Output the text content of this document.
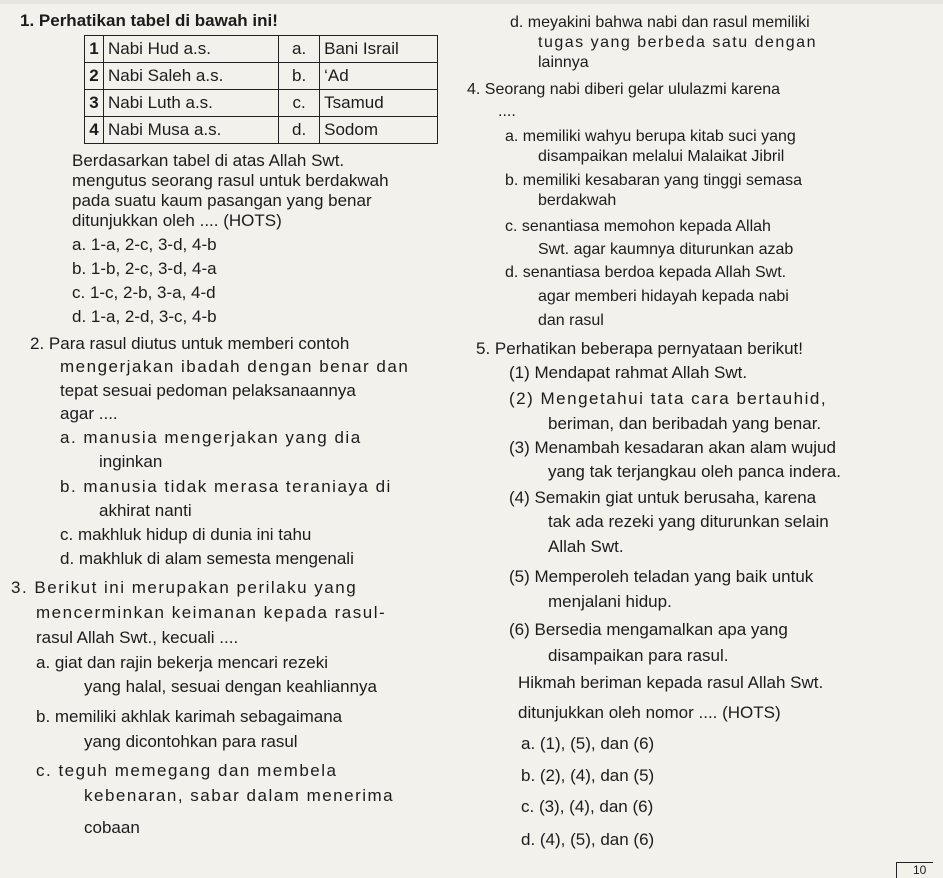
1. Perhatikan tabel di bawah ini!
1	Nabi Hud a.s.	a.	Bani Israil
2	Nabi Saleh a.s.	b.	‘Ad
3	Nabi Luth a.s.	c.	Tsamud
4	Nabi Musa a.s.	d.	Sodom
Berdasarkan tabel di atas Allah Swt.
mengutus seorang rasul untuk berdakwah
pada suatu kaum pasangan yang benar
ditunjukkan oleh .... (HOTS)
a. 1-a, 2-c, 3-d, 4-b
b. 1-b, 2-c, 3-d, 4-a
c. 1-c, 2-b, 3-a, 4-d
d. 1-a, 2-d, 3-c, 4-b
2. Para rasul diutus untuk memberi contoh
mengerjakan ibadah dengan benar dan
tepat sesuai pedoman pelaksanaannya
agar ....
a. manusia mengerjakan yang dia
inginkan
b. manusia tidak merasa teraniaya di
akhirat nanti
c. makhluk hidup di dunia ini tahu
d. makhluk di alam semesta mengenali
3. Berikut ini merupakan perilaku yang
mencerminkan keimanan kepada rasul-
rasul Allah Swt., kecuali ....
a. giat dan rajin bekerja mencari rezeki
yang halal, sesuai dengan keahliannya
b. memiliki akhlak karimah sebagaimana
yang dicontohkan para rasul
c. teguh memegang dan membela
kebenaran, sabar dalam menerima
cobaan
d. meyakini bahwa nabi dan rasul memiliki
tugas yang berbeda satu dengan
lainnya
4. Seorang nabi diberi gelar ululazmi karena
....
a. memiliki wahyu berupa kitab suci yang
disampaikan melalui Malaikat Jibril
b. memiliki kesabaran yang tinggi semasa
berdakwah
c. senantiasa memohon kepada Allah
Swt. agar kaumnya diturunkan azab
d. senantiasa berdoa kepada Allah Swt.
agar memberi hidayah kepada nabi
dan rasul
5. Perhatikan beberapa pernyataan berikut!
(1) Mendapat rahmat Allah Swt.
(2) Mengetahui tata cara bertauhid,
beriman, dan beribadah yang benar.
(3) Menambah kesadaran akan alam wujud
yang tak terjangkau oleh panca indera.
(4) Semakin giat untuk berusaha, karena
tak ada rezeki yang diturunkan selain
Allah Swt.
(5) Memperoleh teladan yang baik untuk
menjalani hidup.
(6) Bersedia mengamalkan apa yang
disampaikan para rasul.
Hikmah beriman kepada rasul Allah Swt.
ditunjukkan oleh nomor .... (HOTS)
a. (1), (5), dan (6)
b. (2), (4), dan (5)
c. (3), (4), dan (6)
d. (4), (5), dan (6)
10
